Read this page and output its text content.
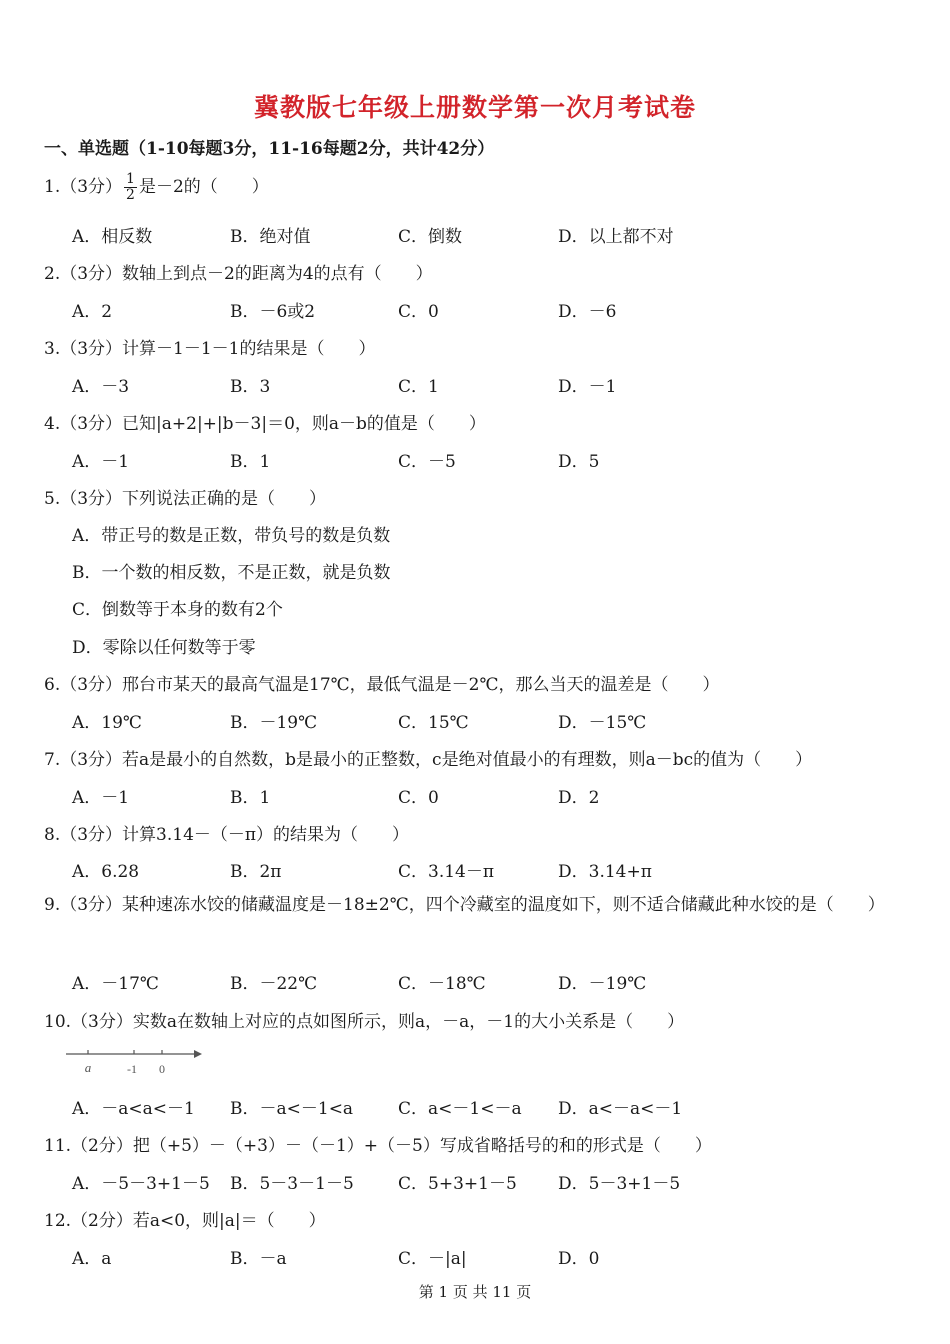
冀教版七年级上册数学第一次月考试卷
一、单选题（1-10每题3分，11-16每题2分，共计42分）
1.（3分） $\frac{1}{2}$ 是－2的（　　）
A．相反数	B．绝对值	C．倒数	D．以上都不对
2.（3分）数轴上到点－2的距离为4的点有（　　）
A．2	B．－6或2	C．0	D．－6
3.（3分）计算－1－1－1的结果是（　　）
A．－3	B．3	C．1	D．－1
4.（3分）已知|a+2|+|b－3|＝0，则a－b的值是（　　）
A．－1	B．1	C．－5	D．5
5.（3分）下列说法正确的是（　　）
A．带正号的数是正数，带负号的数是负数
B．一个数的相反数，不是正数，就是负数
C．倒数等于本身的数有2个
D．零除以任何数等于零
6.（3分）邢台市某天的最高气温是17℃，最低气温是－2℃，那么当天的温差是（　　）
A．19℃	B．－19℃	C．15℃	D．－15℃
7.（3分）若a是最小的自然数，b是最小的正整数，c是绝对值最小的有理数，则a－bc的值为（　　）
A．－1	B．1	C．0	D．2
8.（3分）计算3.14－（－π）的结果为（　　）
A．6.28	B．2π	C．3.14－π	D．3.14+π
9.（3分）某种速冻水饺的储藏温度是－18±2℃，四个冷藏室的温度如下，则不适合储藏此种水饺的是（　　）
A．－17℃	B．－22℃	C．－18℃	D．－19℃
10.（3分）实数a在数轴上对应的点如图所示，则a，－a，－1的大小关系是（　　）
a	-1 0
A．－a<a<－1 B．－a<－1<a	C．a<－1<－a D．a<－a<－1
11.（2分）把（+5）－（+3）－（－1）+（－5）写成省略括号的和的形式是（　　）
A．－5－3+1－5 B．5－3－1－5	C．5+3+1－5 D．5－3+1－5
12.（2分）若a<0，则|a|＝（　　）
A．a	B．－a	C．－|a|	D．0
第 1 页 共 11 页
